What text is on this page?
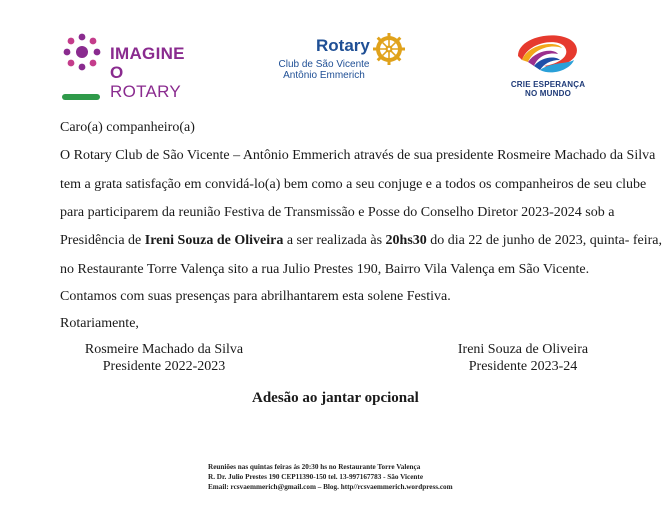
IMAGINE O
ROTARY
Rotary
Club de São Vicente
Antônio Emmerich
CRIE ESPERANÇA
NO MUNDO
Caro(a) companheiro(a)
O Rotary Club de São Vicente – Antônio Emmerich através de sua presidente Rosmeire Machado da Silva
tem a grata satisfação em convidá-lo(a) bem como a seu conjuge e a todos os companheiros de seu clube
para participarem da reunião Festiva de Transmissão e Posse do Conselho Diretor 2023-2024 sob a
Presidência de Ireni Souza de Oliveira a ser realizada às 20hs30 do dia 22 de junho de 2023, quinta- feira,
no Restaurante Torre Valença sito a rua Julio Prestes 190, Bairro Vila Valença em São Vicente.
Contamos com suas presenças para abrilhantarem esta solene Festiva.
Rotariamente,
Rosmeire Machado da Silva
Presidente 2022-2023
Ireni Souza de Oliveira
Presidente 2023-24
Adesão ao jantar opcional
Reuniões nas quintas feiras às 20:30 hs no Restaurante Torre Valença
R. Dr. Julio Prestes 190 CEP11390-150 tel. 13-997167783 - São Vicente
Email: rcsvaemmerich@gmail.com – Blog. http//rcsvaemmerich.wordpress.com
